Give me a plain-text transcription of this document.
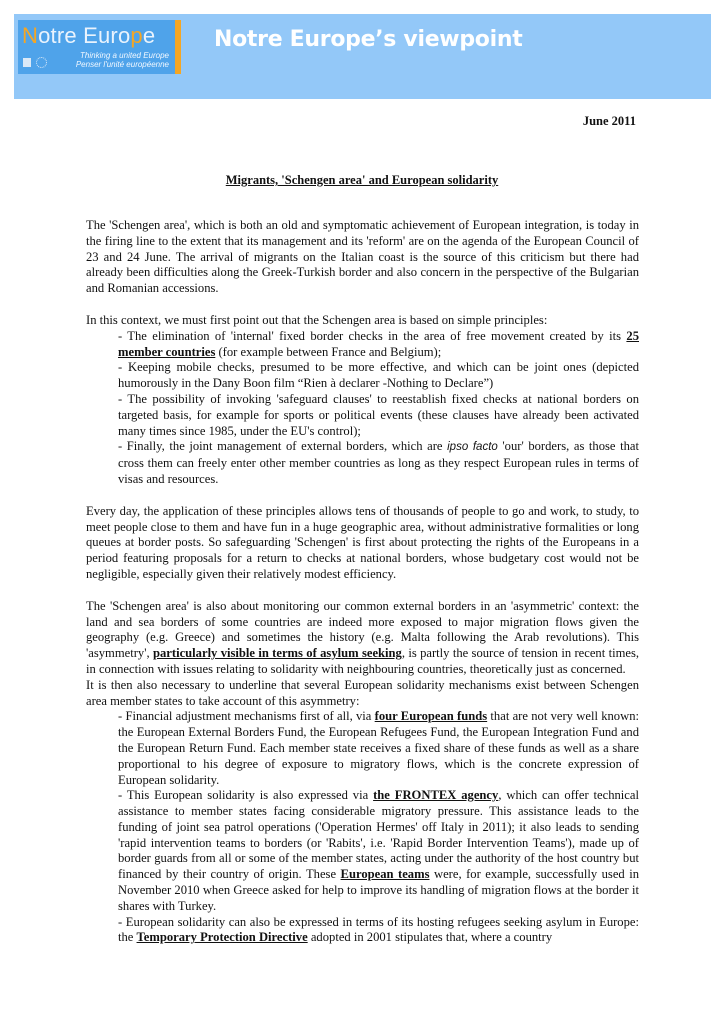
Notre Europe
Thinking a united Europe
Penser l'unité européenne
Notre Europe’s viewpoint
June 2011
Migrants, 'Schengen area' and European solidarity

The 'Schengen area', which is both an old and symptomatic achievement of European integration, is today in the firing line to the extent that its management and its 'reform' are on the agenda of the European Council of 23 and 24 June. The arrival of migrants on the Italian coast is the source of this criticism but there had already been difficulties along the Greek-Turkish border and also concern in the perspective of the Bulgarian and Romanian accessions.

In this context, we must first point out that the Schengen area is based on simple principles:

- The elimination of 'internal' fixed border checks in the area of free movement created by its 25 member countries (for example between France and Belgium);

- Keeping mobile checks, presumed to be more effective, and which can be joint ones (depicted humorously in the Dany Boon film “Rien à declarer -Nothing to Declare”)

- The possibility of invoking 'safeguard clauses' to reestablish fixed checks at national borders on targeted basis, for example for sports or political events (these clauses have already been activated many times since 1985, under the EU's control);

- Finally, the joint management of external borders, which are ipso facto 'our' borders, as those that cross them can freely enter other member countries as long as they respect European rules in terms of visas and resources.

Every day, the application of these principles allows tens of thousands of people to go and work, to study, to meet people close to them and have fun in a huge geographic area, without administrative formalities or long queues at border posts. So safeguarding 'Schengen' is first about protecting the rights of the Europeans in a period featuring proposals for a return to checks at national borders, whose budgetary cost would not be negligible, especially given their relatively modest efficiency.

The 'Schengen area' is also about monitoring our common external borders in an 'asymmetric' context: the land and sea borders of some countries are indeed more exposed to major migration flows given the geography (e.g. Greece) and sometimes the history (e.g. Malta following the Arab revolutions). This 'asymmetry', particularly visible in terms of asylum seeking, is partly the source of tension in recent times, in connection with issues relating to solidarity with neighbouring countries, theoretically just as concerned.

It is then also necessary to underline that several European solidarity mechanisms exist between Schengen area member states to take account of this asymmetry:

- Financial adjustment mechanisms first of all, via four European funds that are not very well known: the European External Borders Fund, the European Refugees Fund, the European Integration Fund and the European Return Fund. Each member state receives a fixed share of these funds as well as a share proportional to his degree of exposure to migratory flows, which is the concrete expression of European solidarity.

- This European solidarity is also expressed via the FRONTEX agency, which can offer technical assistance to member states facing considerable migratory pressure. This assistance leads to the funding of joint sea patrol operations ('Operation Hermes' off Italy in 2011); it also leads to sending 'rapid intervention teams to borders (or 'Rabits', i.e. 'Rapid Border Intervention Teams'), made up of border guards from all or some of the member states, acting under the authority of the host country but financed by their country of origin. These European teams were, for example, successfully used in November 2010 when Greece asked for help to improve its handling of migration flows at the border it shares with Turkey.

- European solidarity can also be expressed in terms of its hosting refugees seeking asylum in Europe: the Temporary Protection Directive adopted in 2001 stipulates that, where a country
